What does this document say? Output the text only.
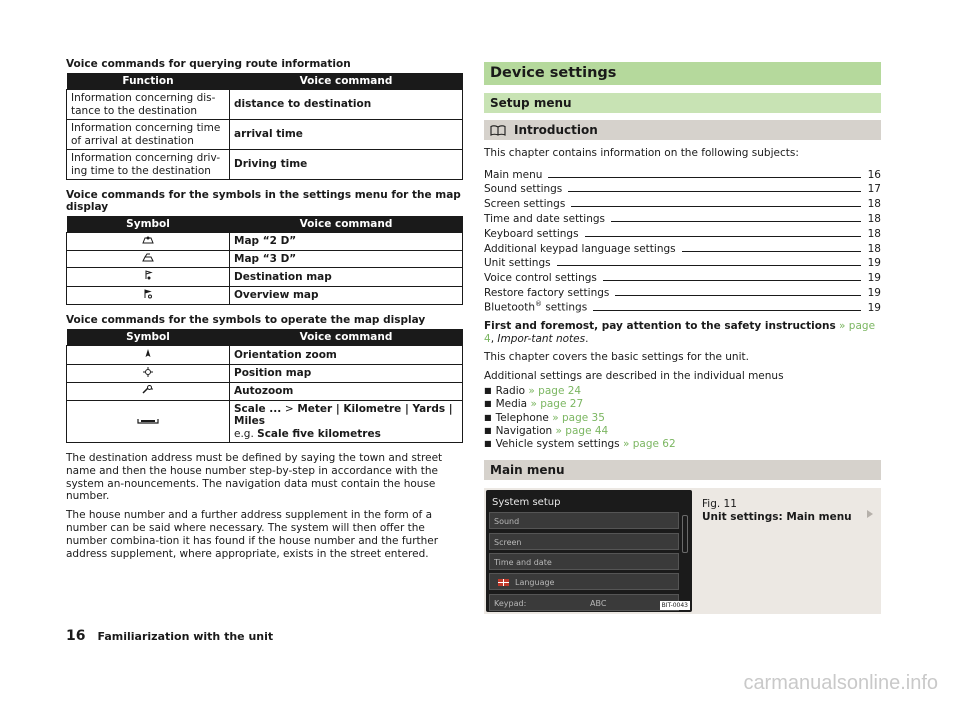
Voice commands for querying route information
Function	Voice command
Information concerning dis-tance to the destination	distance to destination
Information concerning time of arrival at destination	arrival time
Information concerning driv-ing time to the destination	Driving time
Voice commands for the symbols in the settings menu for the map display
Symbol	Voice command
	Map “2 D”
	Map “3 D”
	Destination map
	Overview map
Voice commands for the symbols to operate the map display
Symbol	Voice command
	Orientation zoom
	Position map
	Autozoom
	Scale ... > Meter | Kilometre | Yards | Miles
e.g. Scale five kilometres

The destination address must be defined by saying the town and street name and then the house number step-by-step in accordance with the system an-nouncements. The navigation data must contain the house number.

The house number and a further address supplement in the form of a number can be said where necessary. The system will then offer the number combina-tion it has found if the house number and the further address supplement, where appropriate, exists in the street entered.

Device settings
Setup menu
Introduction

This chapter contains information on the following subjects:

Main menu	16
Sound settings	17
Screen settings	18
Time and date settings	18
Keyboard settings	18
Additional keypad language settings	18
Unit settings	19
Voice control settings	19
Restore factory settings	19
Bluetooth® settings	19

First and foremost, pay attention to the safety instructions » page 4, Impor-tant notes.

This chapter covers the basic settings for the unit.

Additional settings are described in the individual menus

■ Radio » page 24
■ Media » page 27
■ Telephone » page 35
■ Navigation » page 44
■ Vehicle system settings » page 62
Main menu
System setup
Sound
Screen
Time and date
Language
Keypad:	ABC	BIT-0043
Fig. 11
Unit settings: Main menu
16 Familiarization with the unit
carmanualsonline.info
